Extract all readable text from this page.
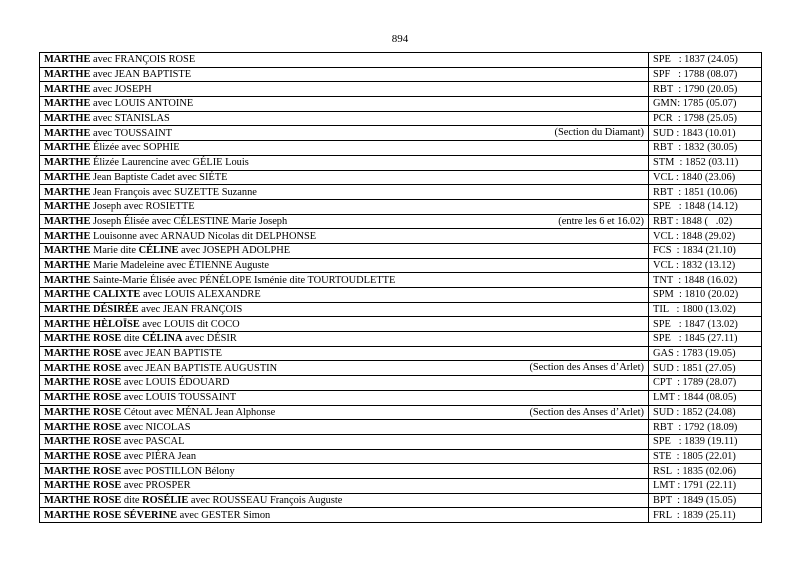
894
MARTHE avec FRANÇOIS ROSE	SPE   : 1837 (24.05)
MARTHE avec JEAN BAPTISTE	SPF   : 1788 (08.07)
MARTHE avec JOSEPH	RBT  : 1790 (20.05)
MARTHE avec LOUIS ANTOINE	GMN: 1785 (05.07)
MARTHE avec STANISLAS	PCR  : 1798 (25.05)
MARTHE avec TOUSSAINT (Section du Diamant)	SUD : 1843 (10.01)
MARTHE Élizée avec SOPHIE	RBT  : 1832 (30.05)
MARTHE Élizée Laurencine avec GÉLIE Louis	STM  : 1852 (03.11)
MARTHE Jean Baptiste Cadet avec SIÉTE	VCL : 1840 (23.06)
MARTHE Jean François avec SUZETTE Suzanne	RBT  : 1851 (10.06)
MARTHE Joseph avec ROSIETTE	SPE   : 1848 (14.12)
MARTHE Joseph Élisée avec CÉLESTINE Marie Joseph (entre les 6 et 16.02)	RBT : 1848 (   .02)
MARTHE Louisonne avec ARNAUD Nicolas dit DELPHONSE	VCL : 1848 (29.02)
MARTHE Marie dite CÉLINE avec JOSEPH ADOLPHE	FCS  : 1834 (21.10)
MARTHE Marie Madeleine avec ÉTIENNE Auguste	VCL : 1832 (13.12)
MARTHE Sainte-Marie Élisée avec PÉNÉLOPE Isménie dite TOURTOUDLETTE	TNT  : 1848 (16.02)
MARTHE CALIXTE avec LOUIS ALEXANDRE	SPM  : 1810 (20.02)
MARTHE DÉSIRÉE avec JEAN FRANÇOIS	TIL   : 1800 (13.02)
MARTHE HÈLOÏSE avec LOUIS dit COCO	SPE   : 1847 (13.02)
MARTHE ROSE dite CÉLINA avec DÉSIR	SPE   : 1845 (27.11)
MARTHE ROSE avec JEAN BAPTISTE	GAS : 1783 (19.05)
MARTHE ROSE avec JEAN BAPTISTE AUGUSTIN (Section des Anses d’Arlet)	SUD : 1851 (27.05)
MARTHE ROSE avec LOUIS ÉDOUARD	CPT  : 1789 (28.07)
MARTHE ROSE avec LOUIS TOUSSAINT	LMT : 1844 (08.05)
MARTHE ROSE Cétout avec MÉNAL Jean Alphonse (Section des Anses d’Arlet)	SUD : 1852 (24.08)
MARTHE ROSE avec NICOLAS	RBT  : 1792 (18.09)
MARTHE ROSE avec PASCAL	SPE   : 1839 (19.11)
MARTHE ROSE avec PIÉRA Jean	STE  : 1805 (22.01)
MARTHE ROSE avec POSTILLON Bélony	RSL  : 1835 (02.06)
MARTHE ROSE avec PROSPER	LMT : 1791 (22.11)
MARTHE ROSE dite ROSÉLIE avec ROUSSEAU François Auguste	BPT  : 1849 (15.05)
MARTHE ROSE SÉVERINE avec GESTER Simon	FRL  : 1839 (25.11)
